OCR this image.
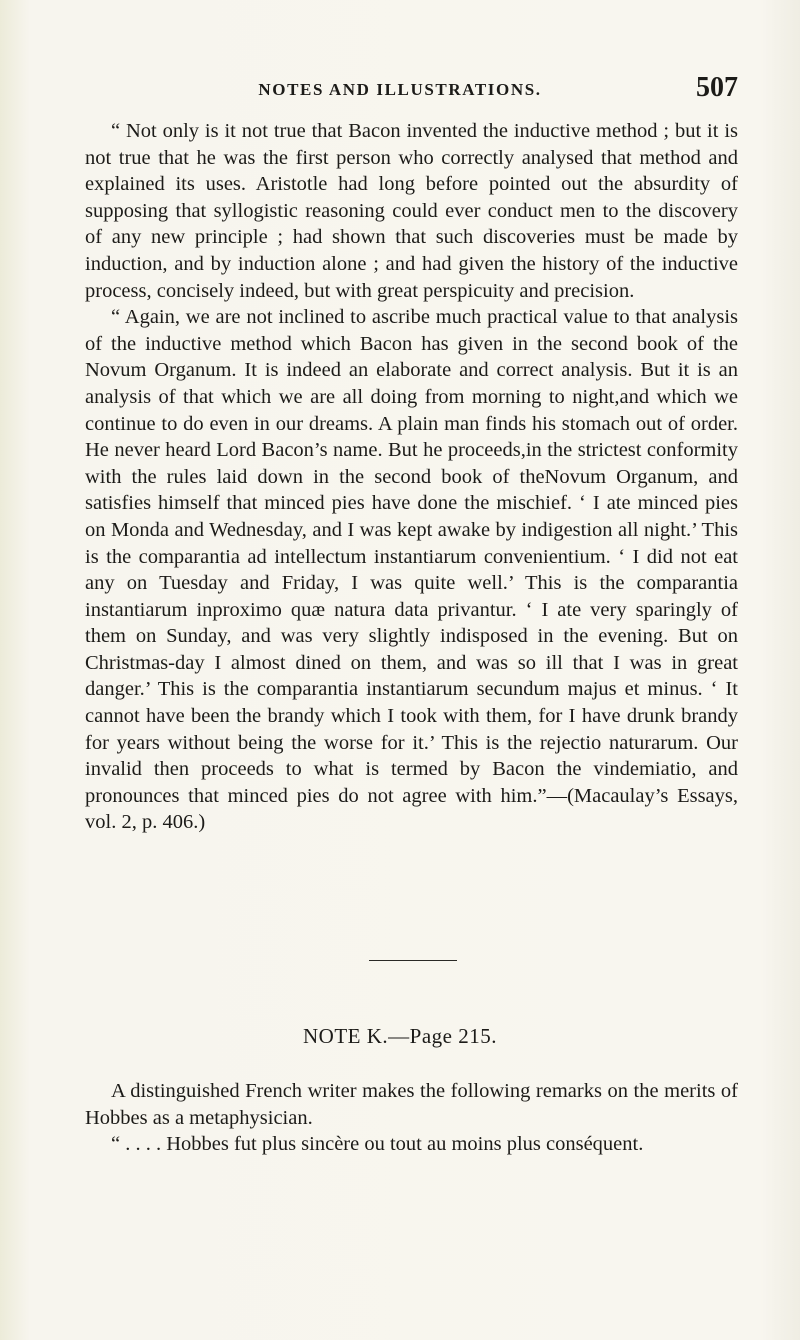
NOTES AND ILLUSTRATIONS.	507

“ Not only is it not true that Bacon invented the inductive method ; but it is not true that he was the first person who correctly analysed that method and explained its uses. Aristotle had long before pointed out the absurdity of supposing that syllogistic reasoning could ever conduct men to the discovery of any new principle ; had shown that such discoveries must be made by induction, and by induction alone ; and had given the history of the inductive process, concisely indeed, but with great perspicuity and precision.

“ Again, we are not inclined to ascribe much practical value to that analysis of the inductive method which Bacon has given in the second book of the Novum Organum. It is indeed an elaborate and correct analysis. But it is an analysis of that which we are all doing from morning to night,and which we continue to do even in our dreams. A plain man finds his stomach out of order. He never heard Lord Bacon’s name. But he proceeds,in the strictest conformity with the rules laid down in the second book of theNovum Organum, and satisfies himself that minced pies have done the mischief. ‘ I ate minced pies on Monda and Wednesday, and I was kept awake by indigestion all night.’ This is the comparantia ad intellectum instantiarum convenientium. ‘ I did not eat any on Tuesday and Friday, I was quite well.’ This is the comparantia instantiarum inproximo quæ natura data privantur. ‘ I ate very sparingly of them on Sunday, and was very slightly indisposed in the evening. But on Christmas-day I almost dined on them, and was so ill that I was in great danger.’ This is the comparantia instantiarum secundum majus et minus. ‘ It cannot have been the brandy which I took with them, for I have drunk brandy for years without being the worse for it.’ This is the rejectio naturarum. Our invalid then proceeds to what is termed by Bacon the vindemiatio, and pronounces that minced pies do not agree with him.”—(Macaulay’s Essays, vol. 2, p. 406.)

NOTE K.—Page 215.

A distinguished French writer makes the following remarks on the merits of Hobbes as a metaphysician.

“ . . . . Hobbes fut plus sincère ou tout au moins plus conséquent.
